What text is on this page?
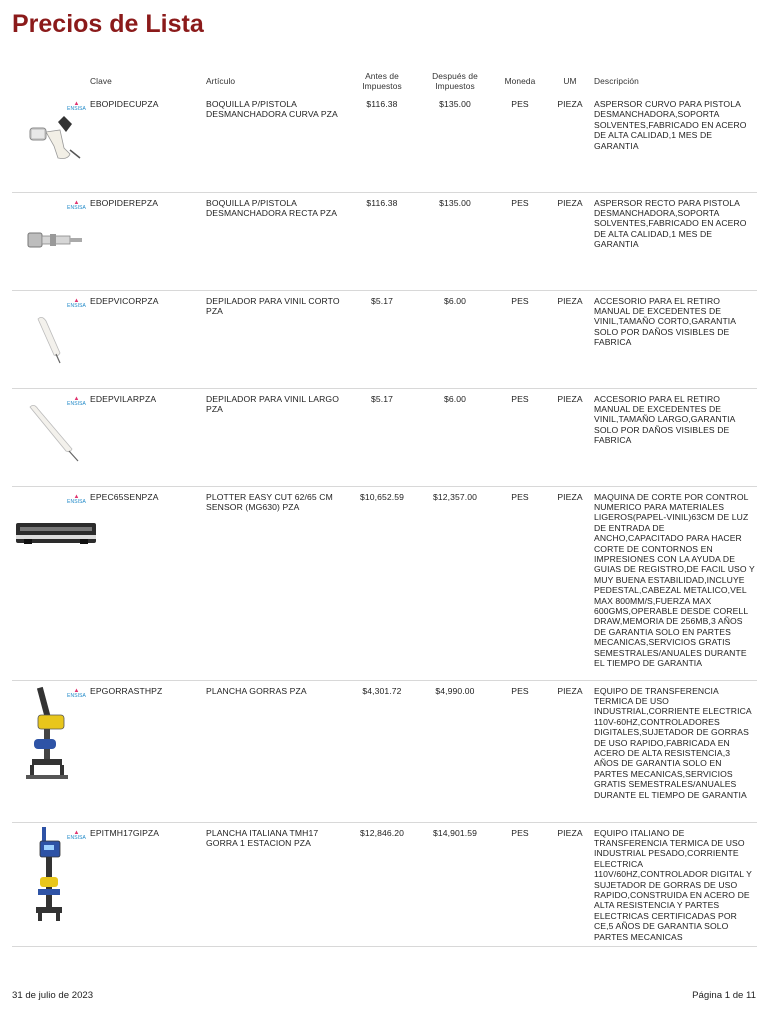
Precios de Lista
	Clave	Artículo	Antes de Impuestos	Después de Impuestos	Moneda	UM	Descripción

▲
ENSISA	EBOPIDECUPZA	BOQUILLA P/PISTOLA DESMANCHADORA CURVA PZA	$116.38	$135.00	PES	PIEZA	ASPERSOR CURVO PARA PISTOLA DESMANCHADORA,SOPORTA SOLVENTES,FABRICADO EN ACERO DE ALTA CALIDAD,1 MES DE GARANTIA

▲
ENSISA	EBOPIDEREPZA	BOQUILLA P/PISTOLA DESMANCHADORA RECTA PZA	$116.38	$135.00	PES	PIEZA	ASPERSOR RECTO PARA PISTOLA DESMANCHADORA,SOPORTA SOLVENTES,FABRICADO EN ACERO DE ALTA CALIDAD,1 MES DE GARANTIA

▲
ENSISA	EDEPVICORPZA	DEPILADOR PARA VINIL CORTO PZA	$5.17	$6.00	PES	PIEZA	ACCESORIO PARA EL RETIRO MANUAL DE EXCEDENTES DE VINIL,TAMAÑO CORTO,GARANTIA SOLO POR DAÑOS VISIBLES DE FABRICA

▲
ENSISA	EDEPVILARPZA	DEPILADOR PARA VINIL LARGO PZA	$5.17	$6.00	PES	PIEZA	ACCESORIO PARA EL RETIRO MANUAL DE EXCEDENTES DE VINIL,TAMAÑO LARGO,GARANTIA SOLO POR DAÑOS VISIBLES DE FABRICA

▲
ENSISA	EPEC65SENPZA	PLOTTER EASY CUT 62/65 CM SENSOR (MG630) PZA	$10,652.59	$12,357.00	PES	PIEZA	MAQUINA DE CORTE POR CONTROL NUMERICO PARA MATERIALES LIGEROS(PAPEL-VINIL)63CM DE LUZ DE ENTRADA DE ANCHO,CAPACITADO PARA HACER CORTE DE CONTORNOS EN IMPRESIONES CON LA AYUDA DE GUIAS DE REGISTRO,DE FACIL USO Y MUY BUENA ESTABILIDAD,INCLUYE PEDESTAL,CABEZAL METALICO,VEL MAX 800MM/S,FUERZA MAX 600GMS,OPERABLE DESDE CORELL DRAW,MEMORIA DE 256MB,3 AÑOS DE GARANTIA SOLO EN PARTES MECANICAS,SERVICIOS GRATIS SEMESTRALES/ANUALES DURANTE EL TIEMPO DE GARANTIA

▲
ENSISA	EPGORRASTHPZ	PLANCHA GORRAS PZA	$4,301.72	$4,990.00	PES	PIEZA	EQUIPO DE TRANSFERENCIA TERMICA DE USO INDUSTRIAL,CORRIENTE ELECTRICA 110V-60HZ,CONTROLADORES DIGITALES,SUJETADOR DE GORRAS DE USO RAPIDO,FABRICADA EN ACERO DE ALTA RESISTENCIA,3 AÑOS DE GARANTIA SOLO EN PARTES MECANICAS,SERVICIOS GRATIS SEMESTRALES/ANUALES DURANTE EL TIEMPO DE GARANTIA

▲
ENSISA	EPITMH17GIPZA	PLANCHA ITALIANA TMH17 GORRA 1 ESTACION PZA	$12,846.20	$14,901.59	PES	PIEZA	EQUIPO ITALIANO DE TRANSFERENCIA TERMICA DE USO INDUSTRIAL PESADO,CORRIENTE ELECTRICA 110V/60HZ,CONTROLADOR DIGITAL Y SUJETADOR DE GORRAS DE USO RAPIDO,CONSTRUIDA EN ACERO DE ALTA RESISTENCIA Y PARTES ELECTRICAS CERTIFICADAS POR CE,5 AÑOS DE GARANTIA SOLO PARTES MECANICAS
31 de julio de 2023	Página 1 de 11
